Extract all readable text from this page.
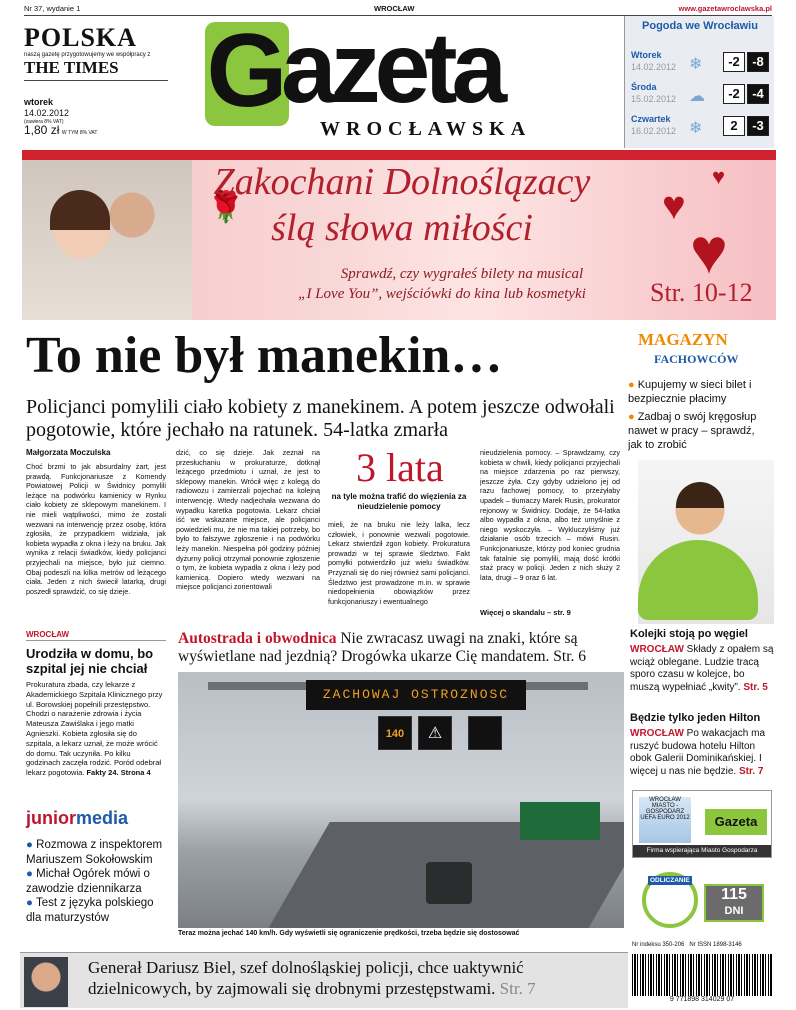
Nr 37, wydanie 1	WROCŁAW	www.gazetawroclawska.pl
POLSKA
naszą gazetę przygotowujemy we współpracy z
THE TIMES
wtorek
14.02.2012
(zawiera 8% VAT)
1,80 zł W TYM 8% VAT
G
azeta
WROCŁAWSKA
Pogoda we Wrocławiu
Wtorek
14.02.2012 ❄	-2 -8
Środa
15.02.2012 ☁	-2 -4
Czwartek
16.02.2012 ❄	2	-3
🌹
Zakochani Dolnoślązacy
ślą słowa miłości
Sprawdź, czy wygrałeś bilety na musical
„I Love You”, wejściówki do kina lub kosmetyki	Str. 10-12
♥
♥
♥
To nie był manekin…
Policjanci pomylili ciało kobiety z manekinem. A potem jeszcze odwołali pogotowie, które jechało na ratunek. 54-latka zmarła
Małgorzata Moczulska
Choć brzmi to jak absurdalny żart, jest prawdą. Funkcjonariusze z Komendy Powiatowej Policji w Świdnicy pomylili leżące na podwórku kamienicy w Rynku ciało kobiety ze sklepowym manekinem. I nie mieli wątpliwości, mimo że zostali wezwani na interwencję przez osobę, która zgłosiła, że przypadkiem widziała, jak kobieta wypadła z okna i leży na bruku. Jak wynika z relacji świadków, kiedy policjanci przyjechali na miejsce, było już ciemno. Obaj podeszli na kilka metrów od leżącego ciała. Jeden z nich świecił latarką, drugi poszedł sprawdzić, co się dzieje.
dzić, co się dzieje. Jak zeznał na przesłuchaniu w prokuraturze, dotknął leżącego przedmiotu i uznał, że jest to sklepowy manekin. Wrócił więc z kolegą do radiowozu i zamierzali pojechać na kolejną interwencję. Wtedy nadjechała wezwana do wypadku karetka pogotowia. Lekarz chciał iść we wskazane miejsce, ale policjanci powiedzieli mu, że nie ma takiej potrzeby, bo było to fałszywe zgłoszenie i na podwórku leży manekin. Niespełna pół godziny później dyżurny policji otrzymał ponownie zgłoszenie o tym, że kobieta wypadła z okna i leży pod kamienicą. Dopiero wtedy wezwani na miejsce policjanci zorientowali
3 lata
na tyle można trafić do więzienia za nieudzielenie pomocy
mieli, że na bruku nie leży lalka, lecz człowiek, i ponownie wezwali pogotowie. Lekarz stwierdził zgon kobiety. Prokuratura prowadzi w tej sprawie śledztwo. Fakt pomyłki potwierdziło już wielu świadków. Przyznali się do niej również sami policjanci. Śledztwo jest prowadzone m.in. w sprawie niedopełnienia obowiązków przez funkcjonariuszy i ewentualnego
nieudzielenia pomocy. – Sprawdzamy, czy kobieta w chwili, kiedy policjanci przyjechali na miejsce zdarzenia po raz pierwszy, jeszcze żyła. Czy gdyby udzielono jej od razu fachowej pomocy, to przeżyłaby upadek – tłumaczy Marek Rusin, prokurator rejonowy w Świdnicy. Dodaje, że 54-latka albo wypadła z okna, albo też umyślnie z niego wyskoczyła. – Wykluczyliśmy już działanie osób trzecich – mówi Rusin. Funkcjonariusze, którzy pod koniec grudnia tak fatalnie się pomylili, mają dość krótki staż pracy w policji. Jeden z nich służy 2 lata, drugi – 9 oraz 6 lat.
Więcej o skandalu – str. 9
MAGAZYN
FACHOWCÓW
● Kupujemy w sieci bilet i bezpiecznie płacimy
● Zadbaj o swój kręgosłup nawet w pracy – sprawdź, jak to zrobić
WROCŁAW
Urodziła w domu, bo szpital jej nie chciał
Prokuratura zbada, czy lekarze z Akademickiego Szpitala Klinicznego przy ul. Borowskiej popełnili przestępstwo. Chodzi o narażenie zdrowia i życia Mateusza Zawiślaka i jego matki Agnieszki. Kobieta zgłosiła się do szpitala, a lekarz uznał, że może wrócić do domu. Tak uczyniła. Po kilku godzinach zaczęła rodzić. Poród odebrał lekarz pogotowia. Fakty 24. Strona 4
juniormedia
● Rozmowa z inspektorem Mariuszem Sokołowskim
● Michał Ogórek mówi o zawodzie dziennikarza
● Test z języka polskiego dla maturzystów
Autostrada i obwodnica Nie zwracasz uwagi na znaki, które są wyświetlane nad jezdnią? Drogówka ukarze Cię mandatem. Str. 6
ZACHOWAJ OSTROZNOSC
140	⚠
Teraz można jechać 140 km/h. Gdy wyświetli się ograniczenie prędkości, trzeba będzie się dostosować
Kolejki stoją po węgiel
WROCŁAW Składy z opałem są wciąż oblegane. Ludzie tracą sporo czasu w kolejce, bo muszą wypełniać „kwity”. Str. 5
Będzie tylko jeden Hilton
WROCŁAW Po wakacjach ma ruszyć budowa hotelu Hilton obok Galerii Dominikańskiej. I więcej u nas nie będzie. Str. 7
WROCŁAW MIASTO - GOSPODARZ UEFA EURO 2012	Gazeta
Firma wspierająca Miasto Gospodarza
ODLICZANIE
115
DNI
Nr indeksu 350-206 Nr ISSN 1898-3146
9 771898 314029 07
Generał Dariusz Biel, szef dolnośląskiej policji, chce uaktywnić dzielnicowych, by zajmowali się drobnymi przestępstwami. Str. 7
